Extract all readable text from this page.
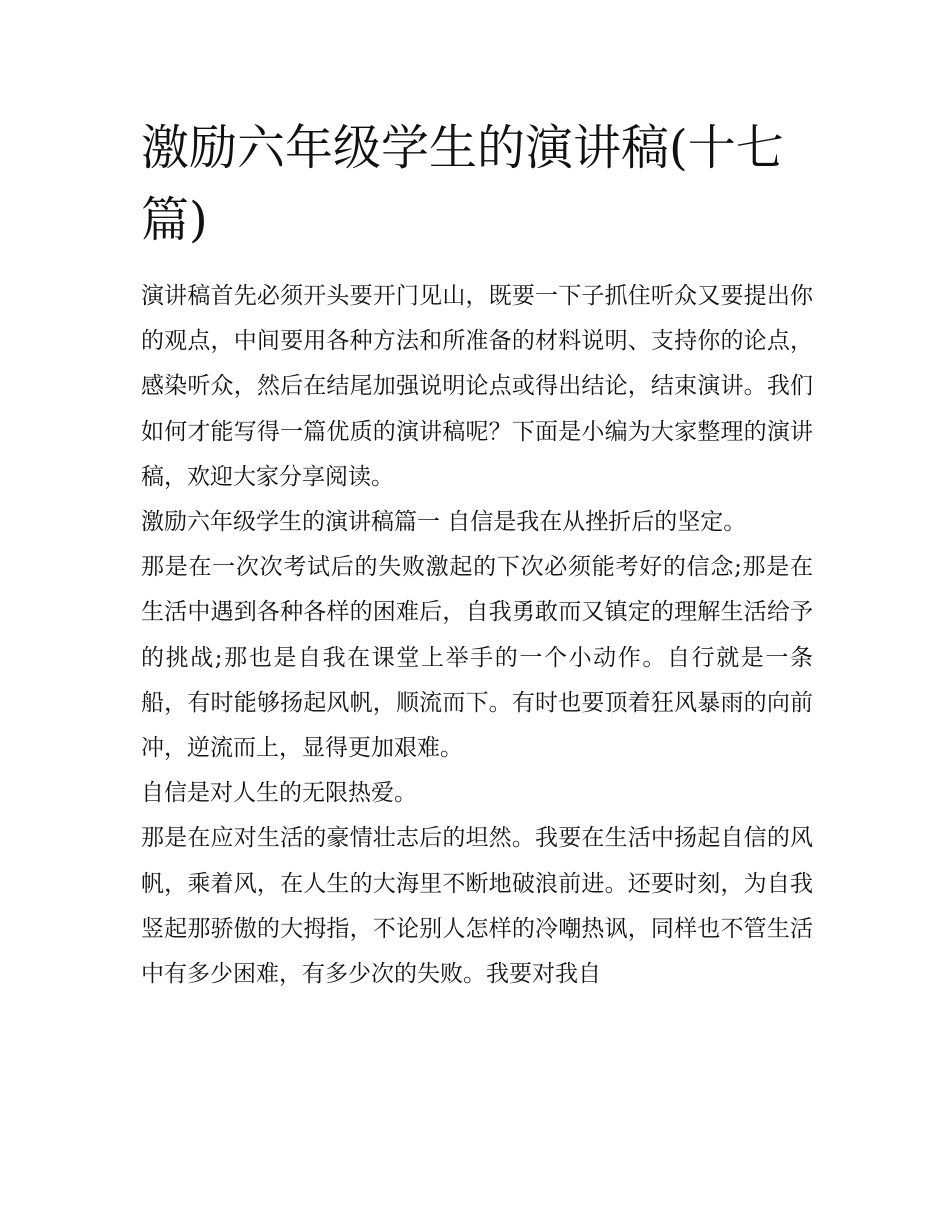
激励六年级学生的演讲稿(十七篇)

演讲稿首先必须开头要开门见山，既要一下子抓住听众又要提出你的观点，中间要用各种方法和所准备的材料说明、支持你的论点，感染听众，然后在结尾加强说明论点或得出结论，结束演讲。我们如何才能写得一篇优质的演讲稿呢？下面是小编为大家整理的演讲稿，欢迎大家分享阅读。

激励六年级学生的演讲稿篇一 自信是我在从挫折后的坚定。

那是在一次次考试后的失败激起的下次必须能考好的信念;那是在生活中遇到各种各样的困难后，自我勇敢而又镇定的理解生活给予的挑战;那也是自我在课堂上举手的一个小动作。自行就是一条船，有时能够扬起风帆，顺流而下。有时也要顶着狂风暴雨的向前冲，逆流而上，显得更加艰难。

自信是对人生的无限热爱。

那是在应对生活的豪情壮志后的坦然。我要在生活中扬起自信的风帆，乘着风，在人生的大海里不断地破浪前进。还要时刻，为自我竖起那骄傲的大拇指，不论别人怎样的冷嘲热讽，同样也不管生活中有多少困难，有多少次的失败。我要对我自
